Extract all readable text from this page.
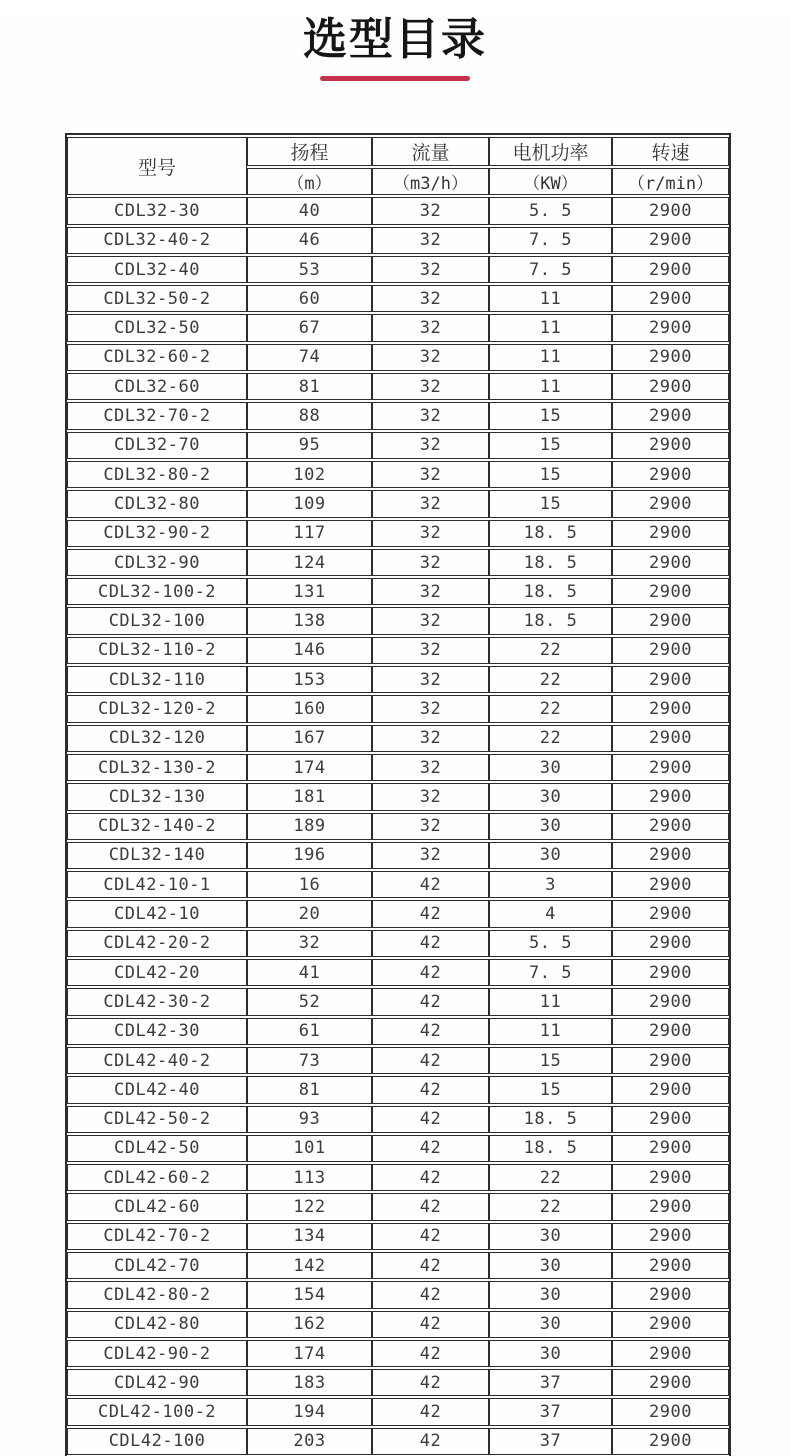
选型目录
型号	扬程	流量	电机功率	转速
	（m）	（m3/h）	（KW）	（r/min）
CDL32-30	40	32	5. 5	2900
CDL32-40-2	46	32	7. 5	2900
CDL32-40	53	32	7. 5	2900
CDL32-50-2	60	32	11	2900
CDL32-50	67	32	11	2900
CDL32-60-2	74	32	11	2900
CDL32-60	81	32	11	2900
CDL32-70-2	88	32	15	2900
CDL32-70	95	32	15	2900
CDL32-80-2	102	32	15	2900
CDL32-80	109	32	15	2900
CDL32-90-2	117	32	18. 5	2900
CDL32-90	124	32	18. 5	2900
CDL32-100-2	131	32	18. 5	2900
CDL32-100	138	32	18. 5	2900
CDL32-110-2	146	32	22	2900
CDL32-110	153	32	22	2900
CDL32-120-2	160	32	22	2900
CDL32-120	167	32	22	2900
CDL32-130-2	174	32	30	2900
CDL32-130	181	32	30	2900
CDL32-140-2	189	32	30	2900
CDL32-140	196	32	30	2900
CDL42-10-1	16	42	3	2900
CDL42-10	20	42	4	2900
CDL42-20-2	32	42	5. 5	2900
CDL42-20	41	42	7. 5	2900
CDL42-30-2	52	42	11	2900
CDL42-30	61	42	11	2900
CDL42-40-2	73	42	15	2900
CDL42-40	81	42	15	2900
CDL42-50-2	93	42	18. 5	2900
CDL42-50	101	42	18. 5	2900
CDL42-60-2	113	42	22	2900
CDL42-60	122	42	22	2900
CDL42-70-2	134	42	30	2900
CDL42-70	142	42	30	2900
CDL42-80-2	154	42	30	2900
CDL42-80	162	42	30	2900
CDL42-90-2	174	42	30	2900
CDL42-90	183	42	37	2900
CDL42-100-2	194	42	37	2900
CDL42-100	203	42	37	2900
